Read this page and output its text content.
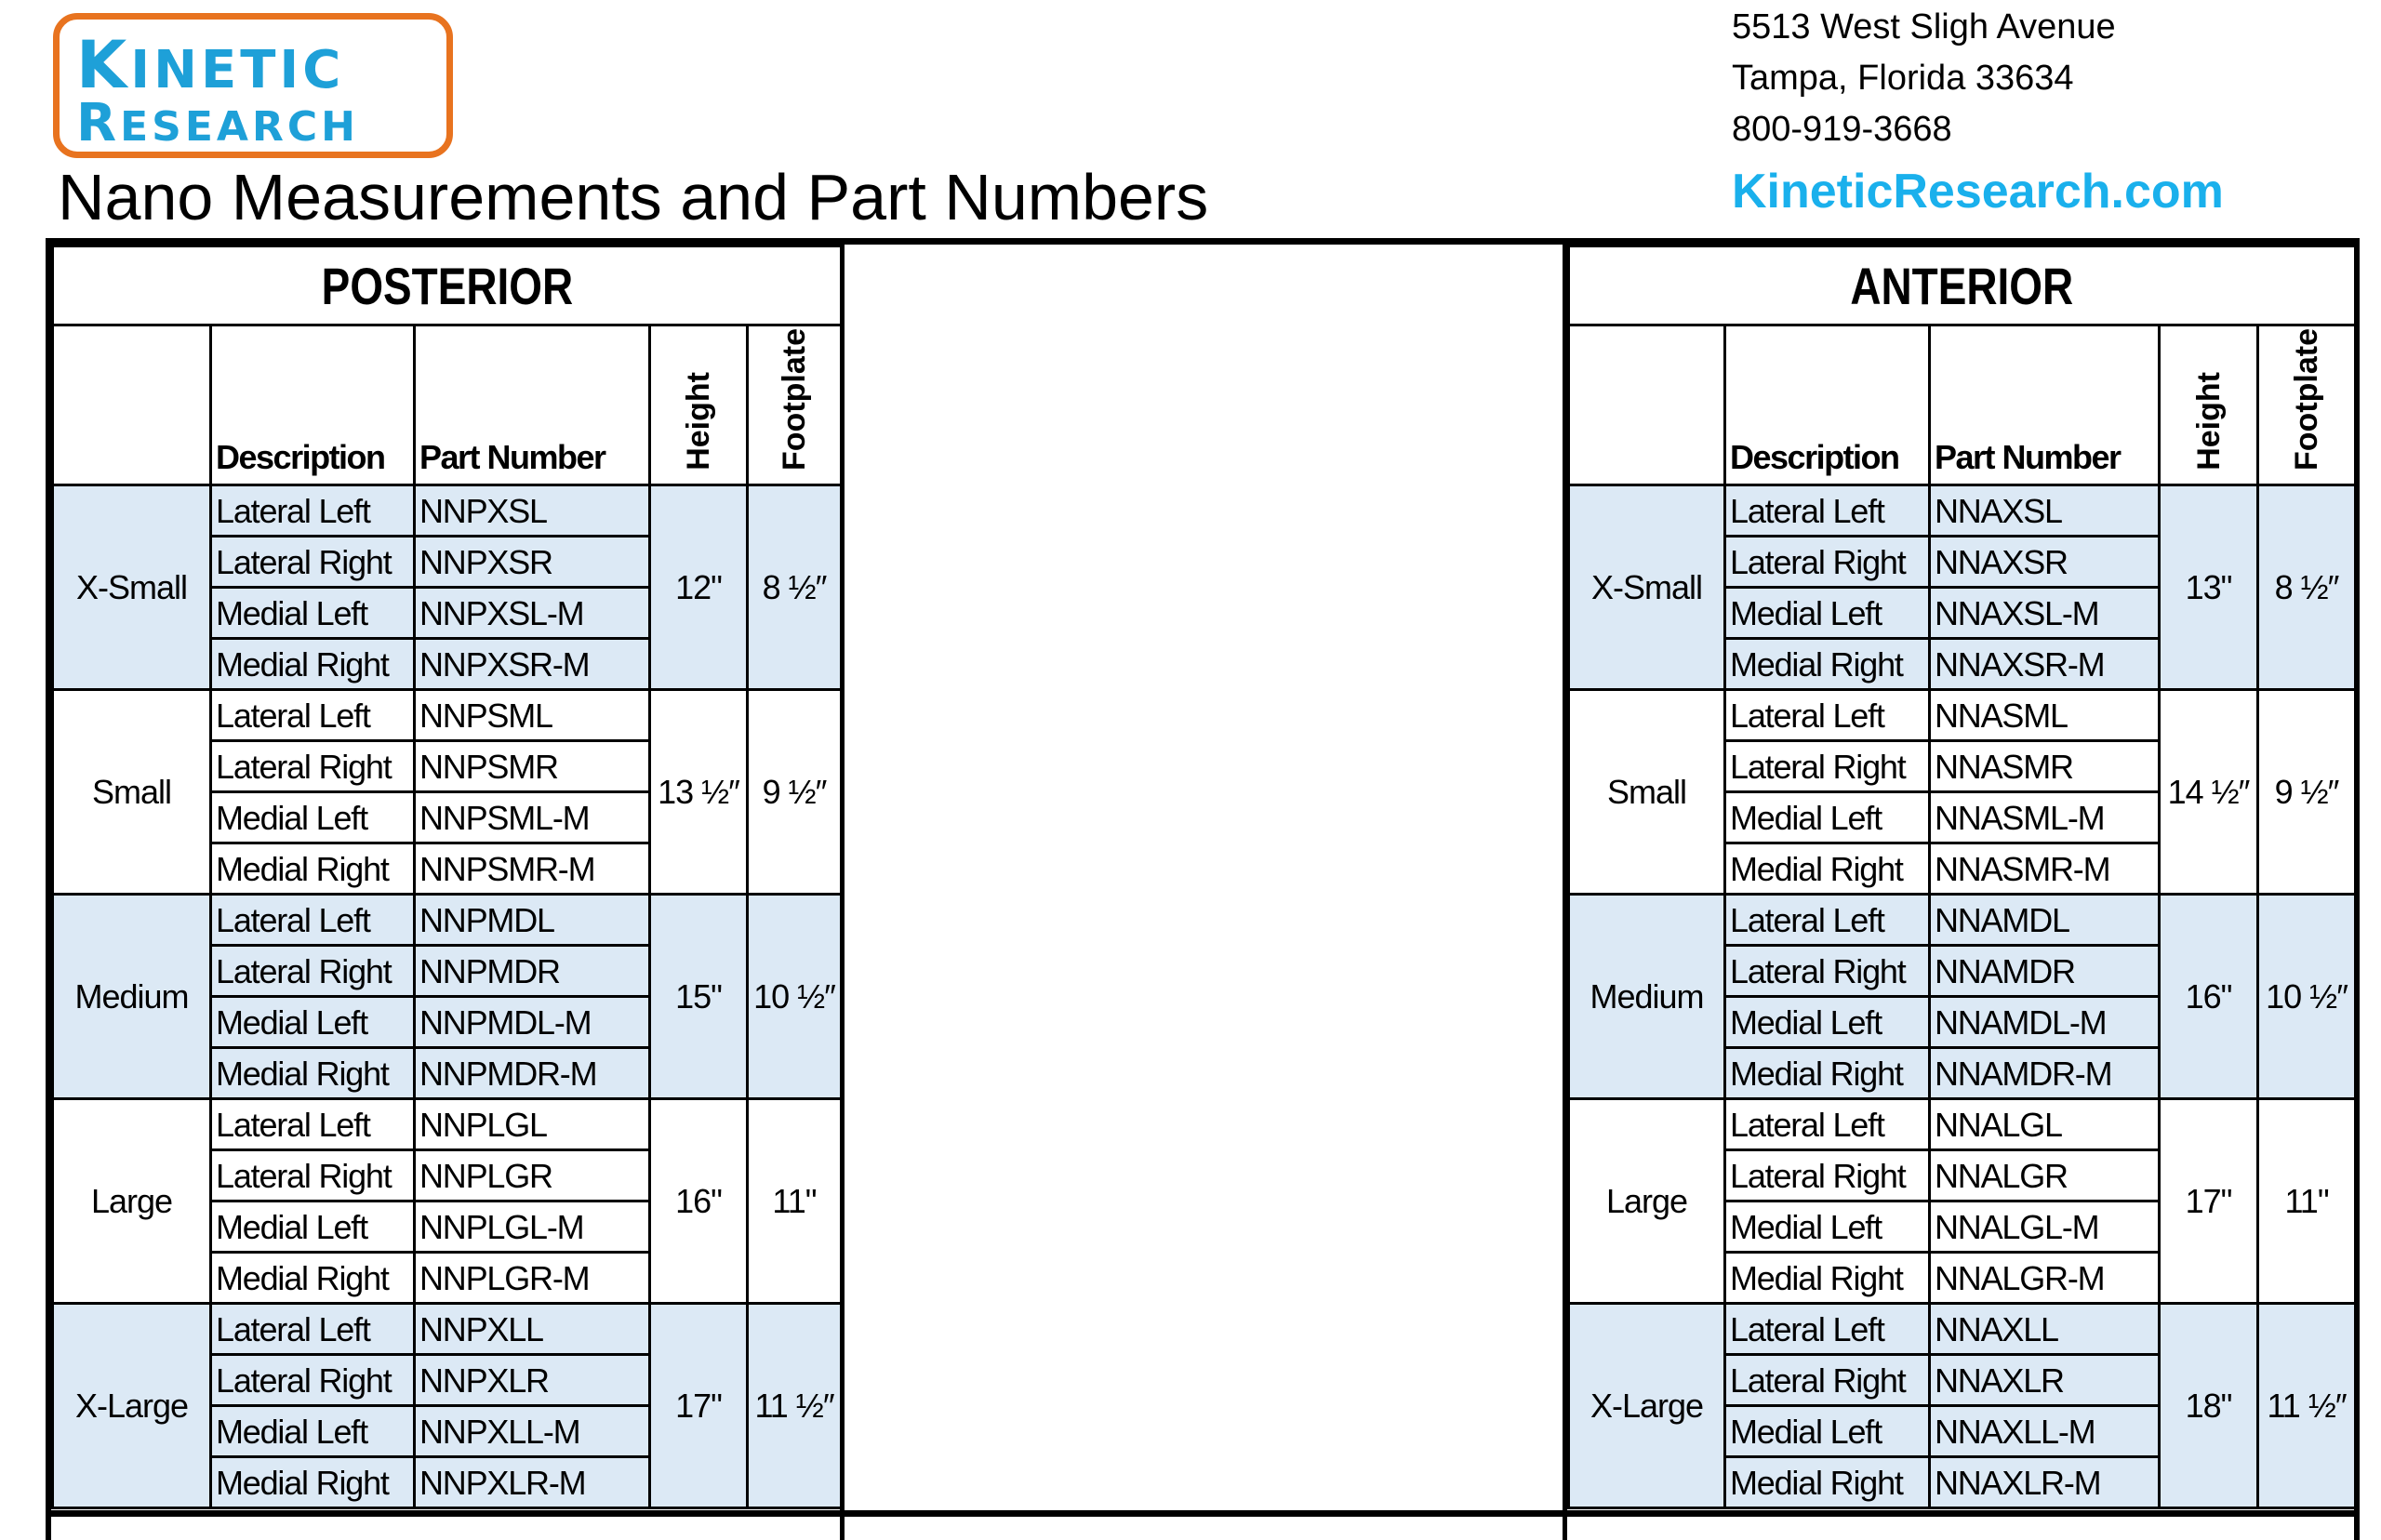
KINETIC
RESEARCH
Nano Measurements and Part Numbers
5513 West Sligh Avenue
Tampa, Florida 33634
800-919-3668
KineticResearch.com
POSTERIOR				

	Description	Part Number	Height	Footplate
X-Small	Lateral Left	NNPXSL	12"	8 ½″

	Lateral Right	NNPXSR		

	Medial Left	NNPXSL-M		

	Medial Right	NNPXSR-M		

Small	Lateral Left	NNPSML	13 ½″	9 ½″

	Lateral Right	NNPSMR		

	Medial Left	NNPSML-M		

	Medial Right	NNPSMR-M		

Medium	Lateral Left	NNPMDL	15"	10 ½″

	Lateral Right	NNPMDR		

	Medial Left	NNPMDL-M		

	Medial Right	NNPMDR-M		

Large	Lateral Left	NNPLGL	16"	11"

	Lateral Right	NNPLGR		

	Medial Left	NNPLGL-M		

	Medial Right	NNPLGR-M		

X-Large	Lateral Left	NNPXLL	17"	11 ½″

	Lateral Right	NNPXLR		

	Medial Left	NNPXLL-M		

	Medial Right	NNPXLR-M		
ANTERIOR				

	Description	Part Number	Height	Footplate
X-Small	Lateral Left	NNAXSL	13"	8 ½″

	Lateral Right	NNAXSR		

	Medial Left	NNAXSL-M		

	Medial Right	NNAXSR-M		

Small	Lateral Left	NNASML	14 ½″	9 ½″

	Lateral Right	NNASMR		

	Medial Left	NNASML-M		

	Medial Right	NNASMR-M		

Medium	Lateral Left	NNAMDL	16"	10 ½″

	Lateral Right	NNAMDR		

	Medial Left	NNAMDL-M		

	Medial Right	NNAMDR-M		

Large	Lateral Left	NNALGL	17"	11"

	Lateral Right	NNALGR		

	Medial Left	NNALGL-M		

	Medial Right	NNALGR-M		

X-Large	Lateral Left	NNAXLL	18"	11 ½″

	Lateral Right	NNAXLR		

	Medial Left	NNAXLL-M		

	Medial Right	NNAXLR-M		
